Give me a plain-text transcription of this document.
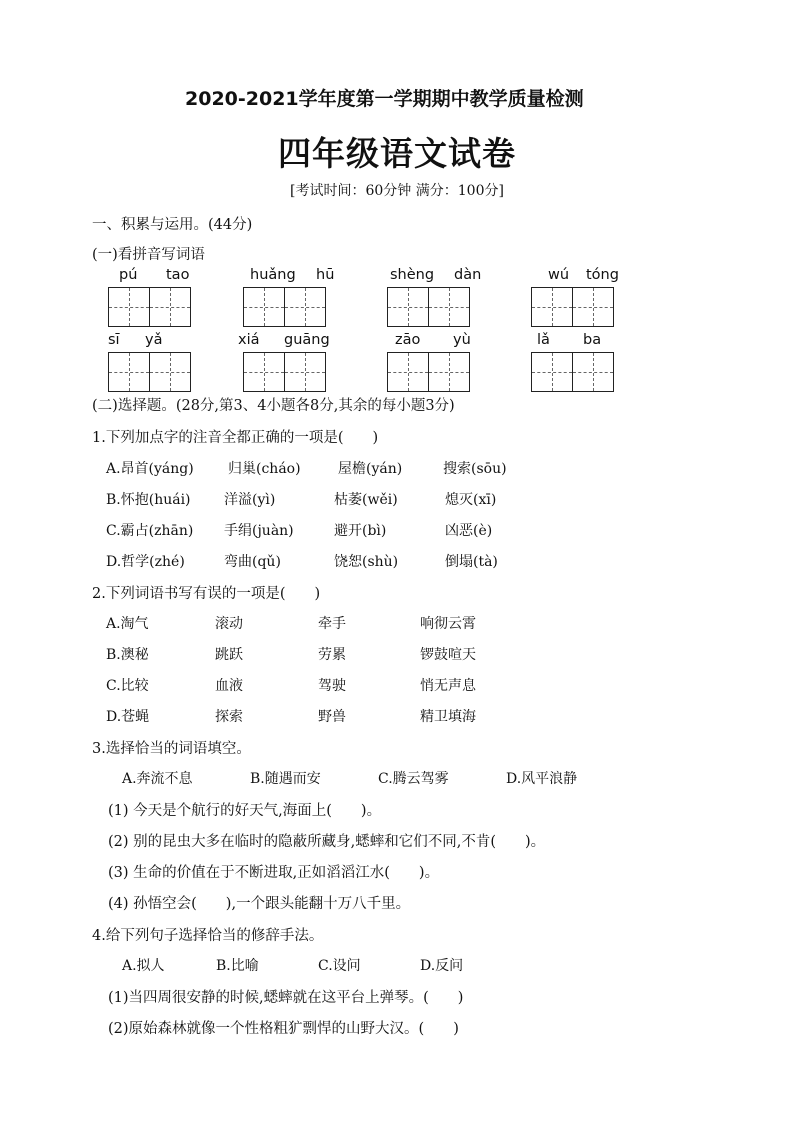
2020-2021学年度第一学期期中教学质量检测
四年级语文试卷
[考试时间：60分钟 满分：100分]
一、积累与运用。(44分)
(一)看拼音写词语
pú tao	huǎng hū	shèng dàn	wú tóng
sī yǎ	xiá guāng	zāo yù	lǎ ba
(二)选择题。(28分,第3、4小题各8分,其余的每小题3分)
1.下列加点字的注音全都正确的一项是(　　)
A.昂首(yáng) 归巢(cháo)	屋檐(yán)	搜索(sōu)
B.怀抱(huái) 洋溢(yì)	枯萎(wěi)	熄灭(xī)
C.霸占(zhān) 手绢(juàn)	避开(bì)	凶恶(è)
D.哲学(zhé)	弯曲(qǔ)	饶恕(shù)	倒塌(tà)
2.下列词语书写有误的一项是(　　)
A.淘气	滚动	牵手	响彻云霄
B.澳秘	跳跃	劳累	锣鼓喧天
C.比较	血液	驾驶	悄无声息
D.苍蝇	探索	野兽	精卫填海
3.选择恰当的词语填空。
A.奔流不息	B.随遇而安	C.腾云驾雾	D.风平浪静
(1) 今天是个航行的好天气,海面上(　　)。
(2) 别的昆虫大多在临时的隐蔽所藏身,蟋蟀和它们不同,不肯(　　)。
(3) 生命的价值在于不断进取,正如滔滔江水(　　)。
(4) 孙悟空会(　　),一个跟头能翻十万八千里。
4.给下列句子选择恰当的修辞手法。
A.拟人	B.比喻	C.设问	D.反问
(1)当四周很安静的时候,蟋蟀就在这平台上弹琴。(　　)
(2)原始森林就像一个性格粗犷剽悍的山野大汉。(　　)
